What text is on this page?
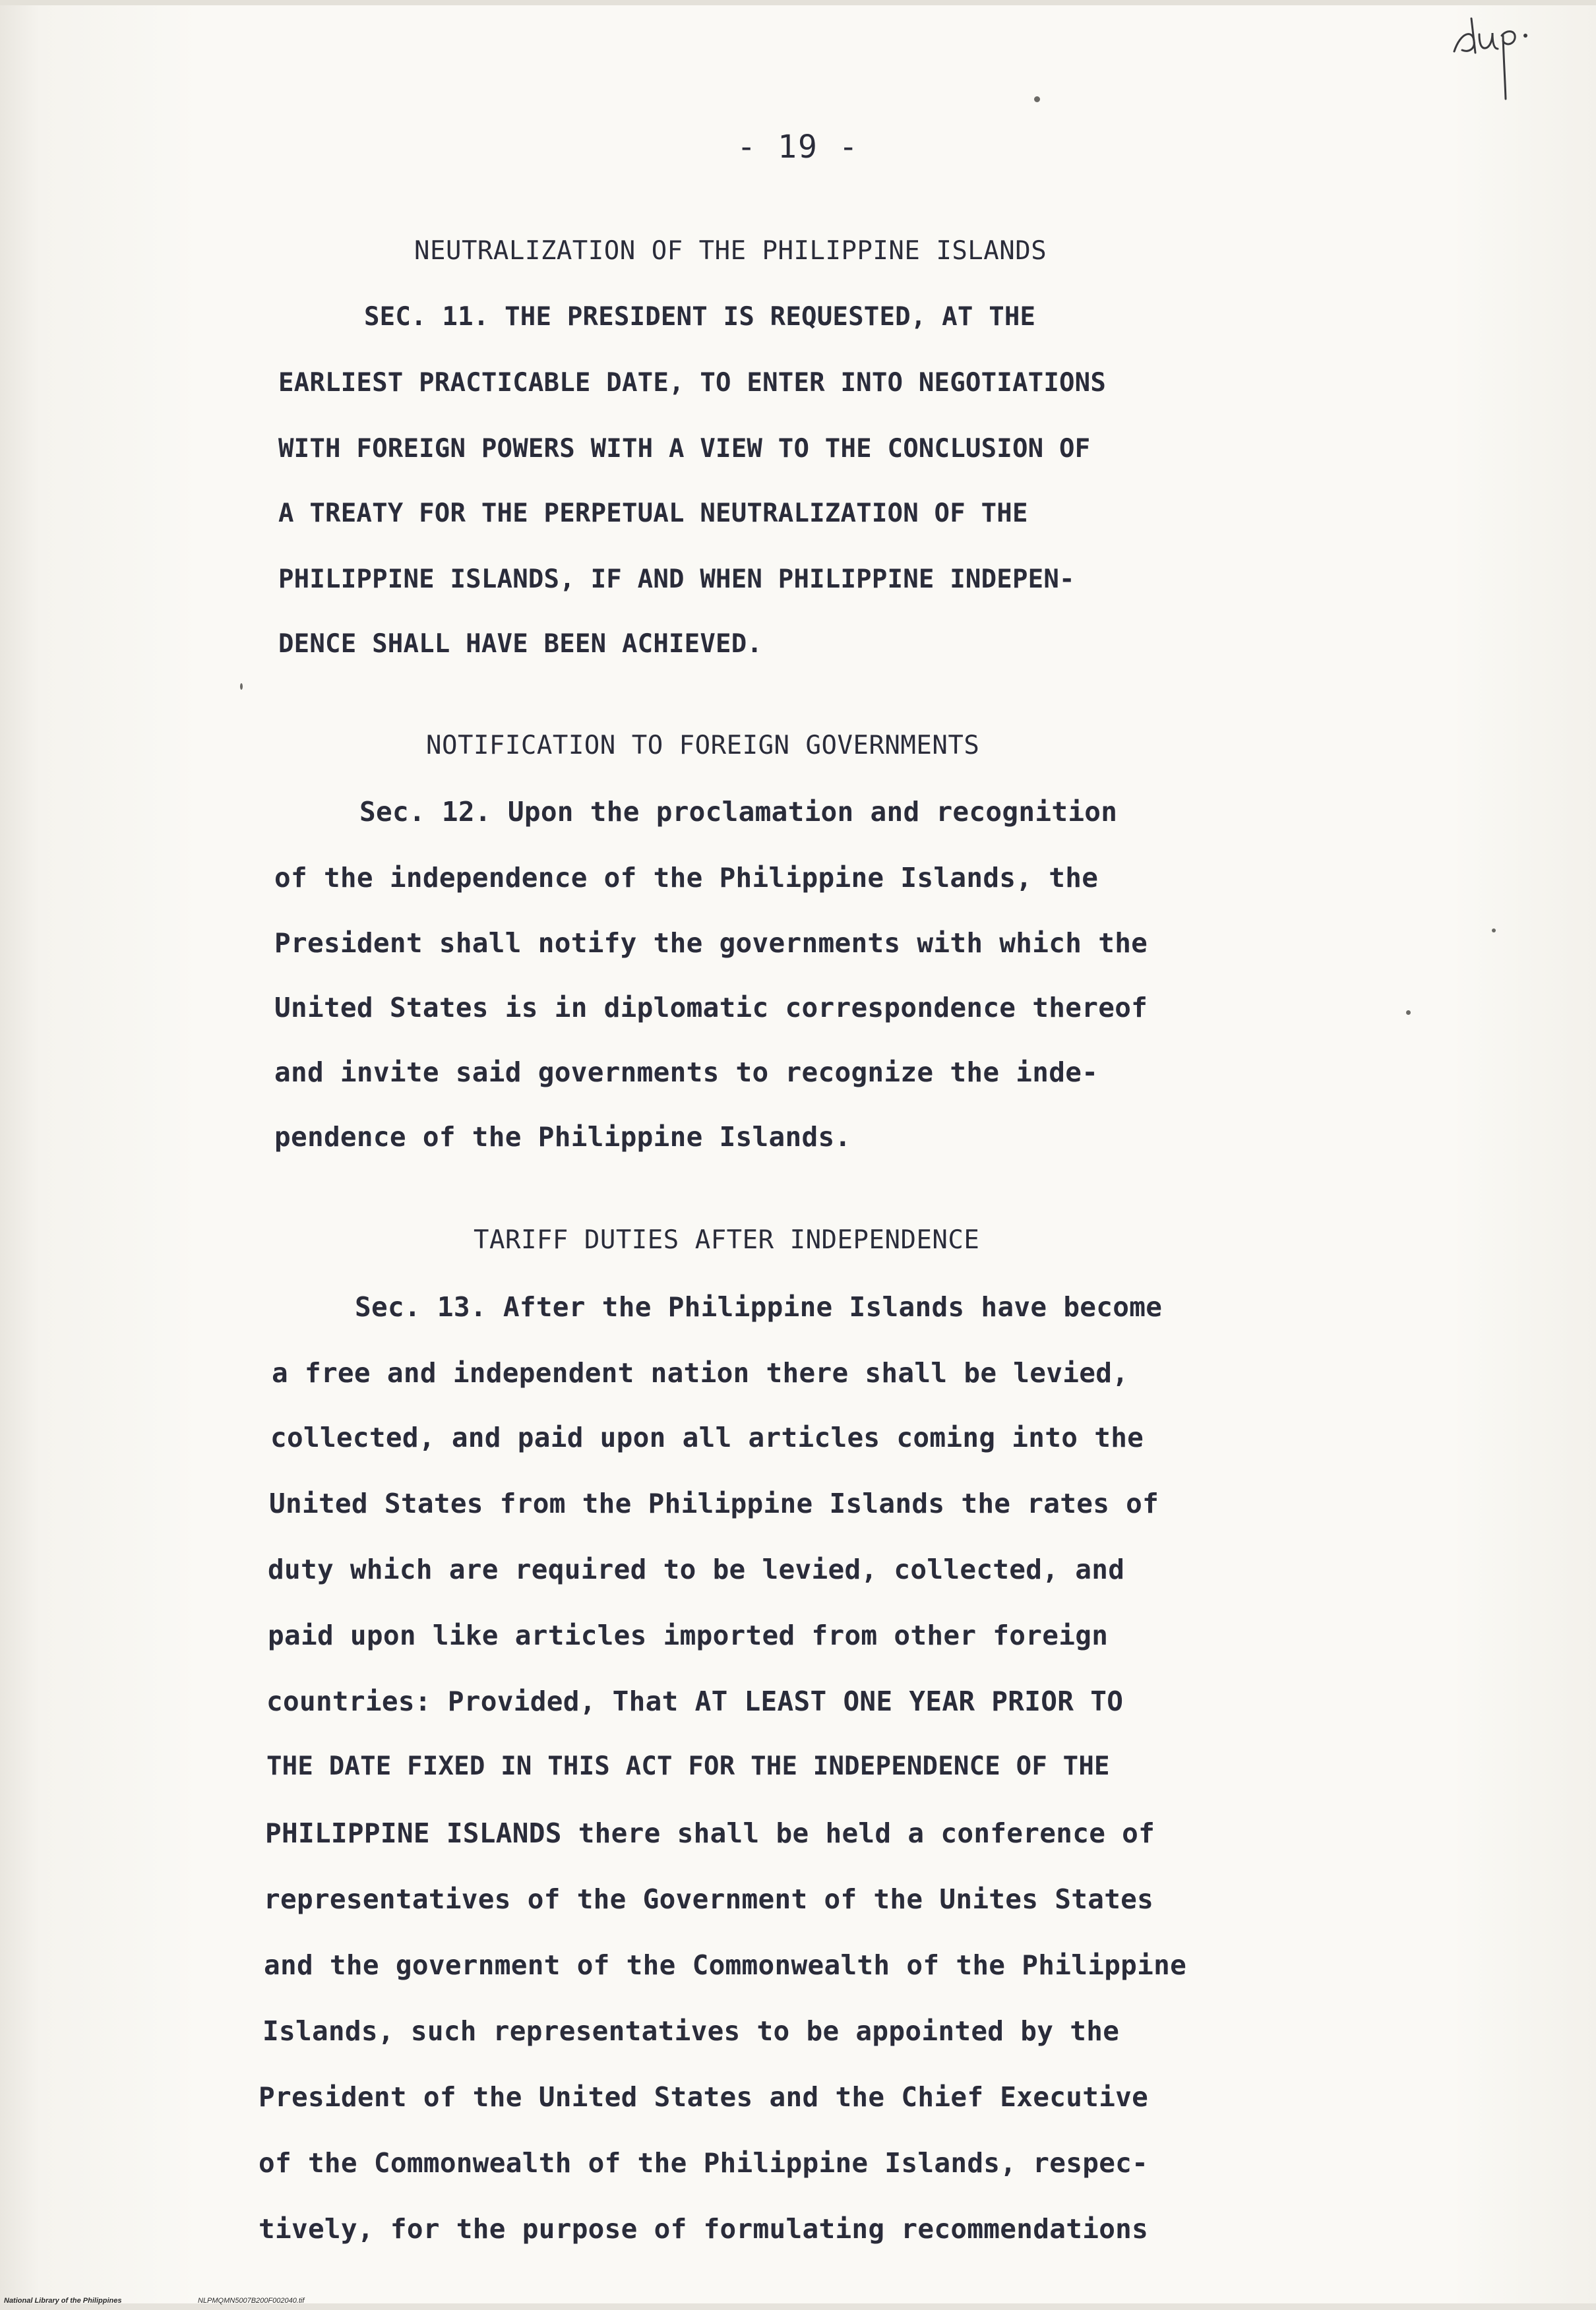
- 19 -
NEUTRALIZATION OF THE PHILIPPINE ISLANDS
SEC. 11. THE PRESIDENT IS REQUESTED, AT THE
EARLIEST PRACTICABLE DATE, TO ENTER INTO NEGOTIATIONS
WITH FOREIGN POWERS WITH A VIEW TO THE CONCLUSION OF
A TREATY FOR THE PERPETUAL NEUTRALIZATION OF THE
PHILIPPINE ISLANDS, IF AND WHEN PHILIPPINE INDEPEN-
DENCE SHALL HAVE BEEN ACHIEVED.
NOTIFICATION TO FOREIGN GOVERNMENTS
Sec. 12. Upon the proclamation and recognition
of the independence of the Philippine Islands, the
President shall notify the governments with which the
United States is in diplomatic correspondence thereof
and invite said governments to recognize the inde-
pendence of the Philippine Islands.
TARIFF DUTIES AFTER INDEPENDENCE
Sec. 13. After the Philippine Islands have become
a free and independent nation there shall be levied,
collected, and paid upon all articles coming into the
United States from the Philippine Islands the rates of
duty which are required to be levied, collected, and
paid upon like articles imported from other foreign
countries: Provided, That AT LEAST ONE YEAR PRIOR TO
THE DATE FIXED IN THIS ACT FOR THE INDEPENDENCE OF THE
PHILIPPINE ISLANDS there shall be held a conference of
representatives of the Government of the Unites States
and the government of the Commonwealth of the Philippine
Islands, such representatives to be appointed by the
President of the United States and the Chief Executive
of the Commonwealth of the Philippine Islands, respec-
tively, for the purpose of formulating recommendations
National Library of the Philippines	NLPMQMN5007B200F002040.tif
